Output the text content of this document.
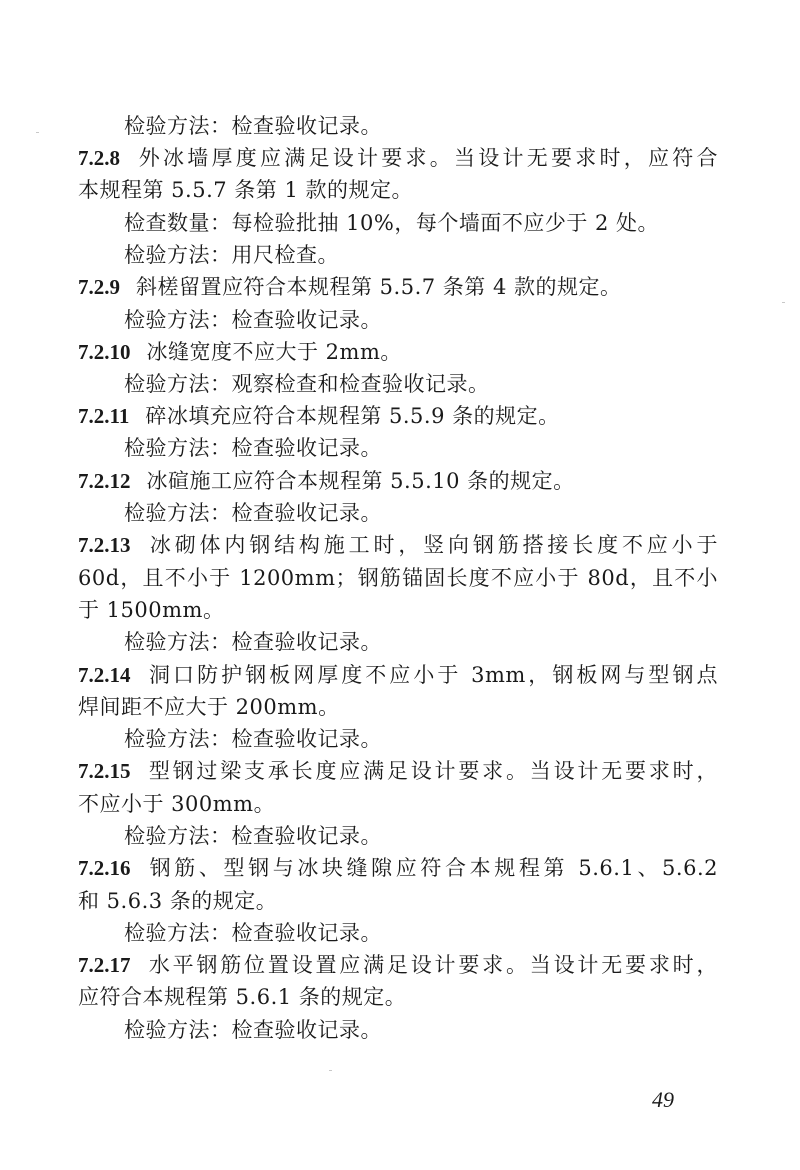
检验方法：检查验收记录。
7.2.8 外冰墙厚度应满足设计要求。当设计无要求时，应符合
本规程第 5.5.7 条第 1 款的规定。
检查数量：每检验批抽 10%，每个墙面不应少于 2 处。
检验方法：用尺检查。
7.2.9 斜槎留置应符合本规程第 5.5.7 条第 4 款的规定。
检验方法：检查验收记录。
7.2.10 冰缝宽度不应大于 2mm。
检验方法：观察检查和检查验收记录。
7.2.11 碎冰填充应符合本规程第 5.5.9 条的规定。
检验方法：检查验收记录。
7.2.12 冰碹施工应符合本规程第 5.5.10 条的规定。
检验方法：检查验收记录。
7.2.13 冰砌体内钢结构施工时，竖向钢筋搭接长度不应小于
60d，且不小于 1200mm；钢筋锚固长度不应小于 80d，且不小
于 1500mm。
检验方法：检查验收记录。
7.2.14 洞口防护钢板网厚度不应小于 3mm，钢板网与型钢点
焊间距不应大于 200mm。
检验方法：检查验收记录。
7.2.15 型钢过梁支承长度应满足设计要求。当设计无要求时，
不应小于 300mm。
检验方法：检查验收记录。
7.2.16 钢筋、型钢与冰块缝隙应符合本规程第 5.6.1、5.6.2
和 5.6.3 条的规定。
检验方法：检查验收记录。
7.2.17 水平钢筋位置设置应满足设计要求。当设计无要求时，
应符合本规程第 5.6.1 条的规定。
检验方法：检查验收记录。
49
